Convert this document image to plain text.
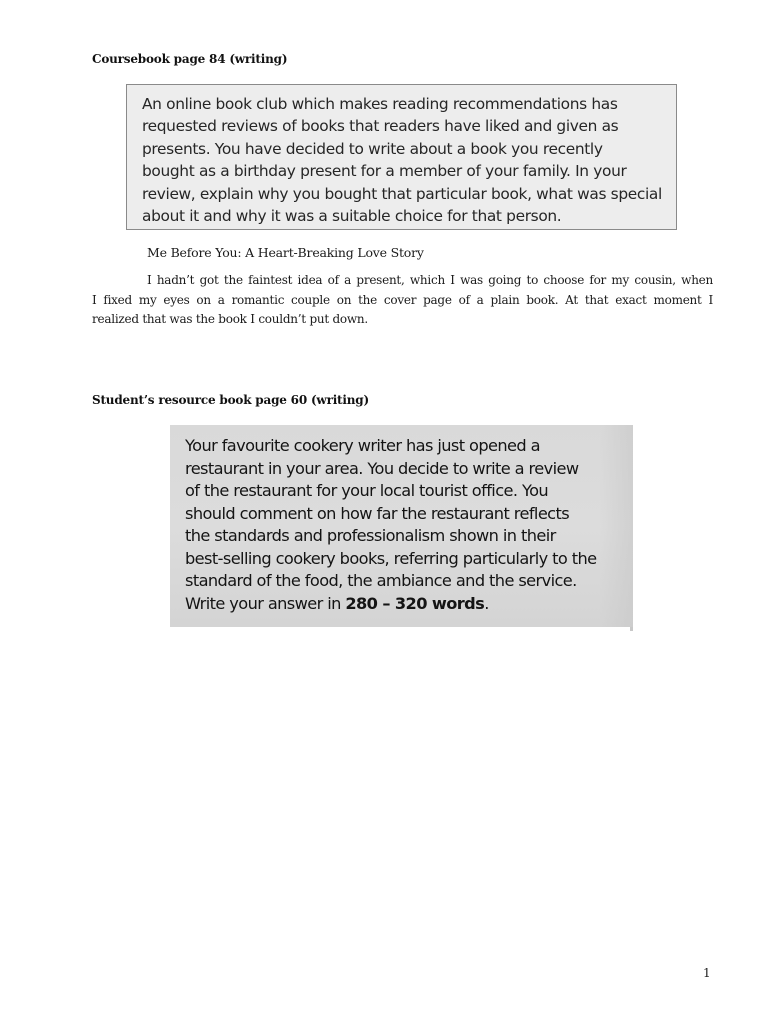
Coursebook page 84 (writing)
An online book club which makes reading recommendations has
requested reviews of books that readers have liked and given as
presents. You have decided to write about a book you recently
bought as a birthday present for a member of your family. In your
review, explain why you bought that particular book, what was special
about it and why it was a suitable choice for that person.
Me Before You: A Heart-Breaking Love Story
I hadn’t got the faintest idea of a present, which I was going to choose for my cousin, when
I fixed my eyes on a romantic couple on the cover page of a plain book. At that exact moment I
realized that was the book I couldn’t put down.
Student’s resource book page 60 (writing)
Your favourite cookery writer has just opened a
restaurant in your area. You decide to write a review
of the restaurant for your local tourist office. You
should comment on how far the restaurant reflects
the standards and professionalism shown in their
best-selling cookery books, referring particularly to the
standard of the food, the ambiance and the service.
Write your answer in 280 – 320 words.
1
